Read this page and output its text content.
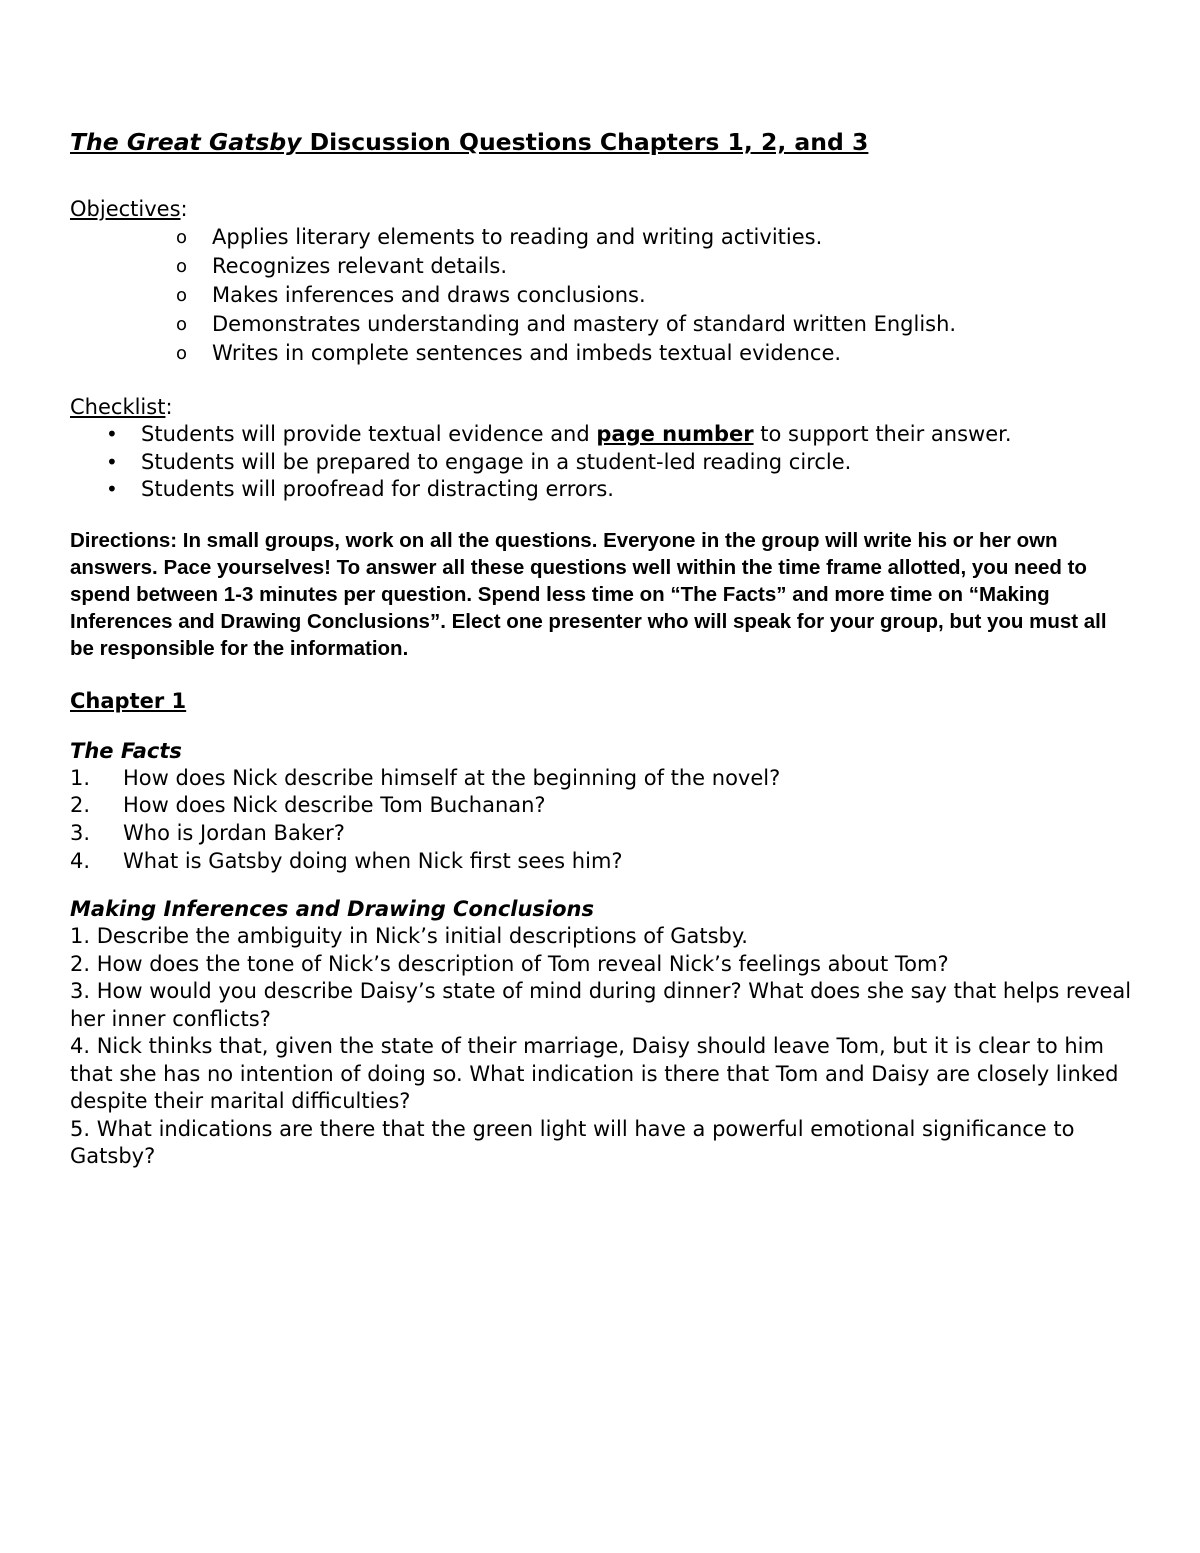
The Great Gatsby Discussion Questions Chapters 1, 2, and 3
Objectives:
o Applies literary elements to reading and writing activities.
o Recognizes relevant details.
o Makes inferences and draws conclusions.
o Demonstrates understanding and mastery of standard written English.
o Writes in complete sentences and imbeds textual evidence.
Checklist:
• Students will provide textual evidence and page number to support their answer.
• Students will be prepared to engage in a student-led reading circle.
• Students will proofread for distracting errors.

Directions: In small groups, work on all the questions. Everyone in the group will write his or her own answers. Pace yourselves! To answer all these questions well within the time frame allotted, you need to spend between 1-3 minutes per question. Spend less time on “The Facts” and more time on “Making Inferences and Drawing Conclusions”. Elect one presenter who will speak for your group, but you must all be responsible for the information.

Chapter 1
The Facts
1. How does Nick describe himself at the beginning of the novel?
2. How does Nick describe Tom Buchanan?
3. Who is Jordan Baker?
4. What is Gatsby doing when Nick first sees him?
Making Inferences and Drawing Conclusions
1. Describe the ambiguity in Nick’s initial descriptions of Gatsby.
2. How does the tone of Nick’s description of Tom reveal Nick’s feelings about Tom?
3. How would you describe Daisy’s state of mind during dinner? What does she say that helps reveal her inner conflicts?
4. Nick thinks that, given the state of their marriage, Daisy should leave Tom, but it is clear to him that she has no intention of doing so. What indication is there that Tom and Daisy are closely linked despite their marital difficulties?
5. What indications are there that the green light will have a powerful emotional significance to Gatsby?
